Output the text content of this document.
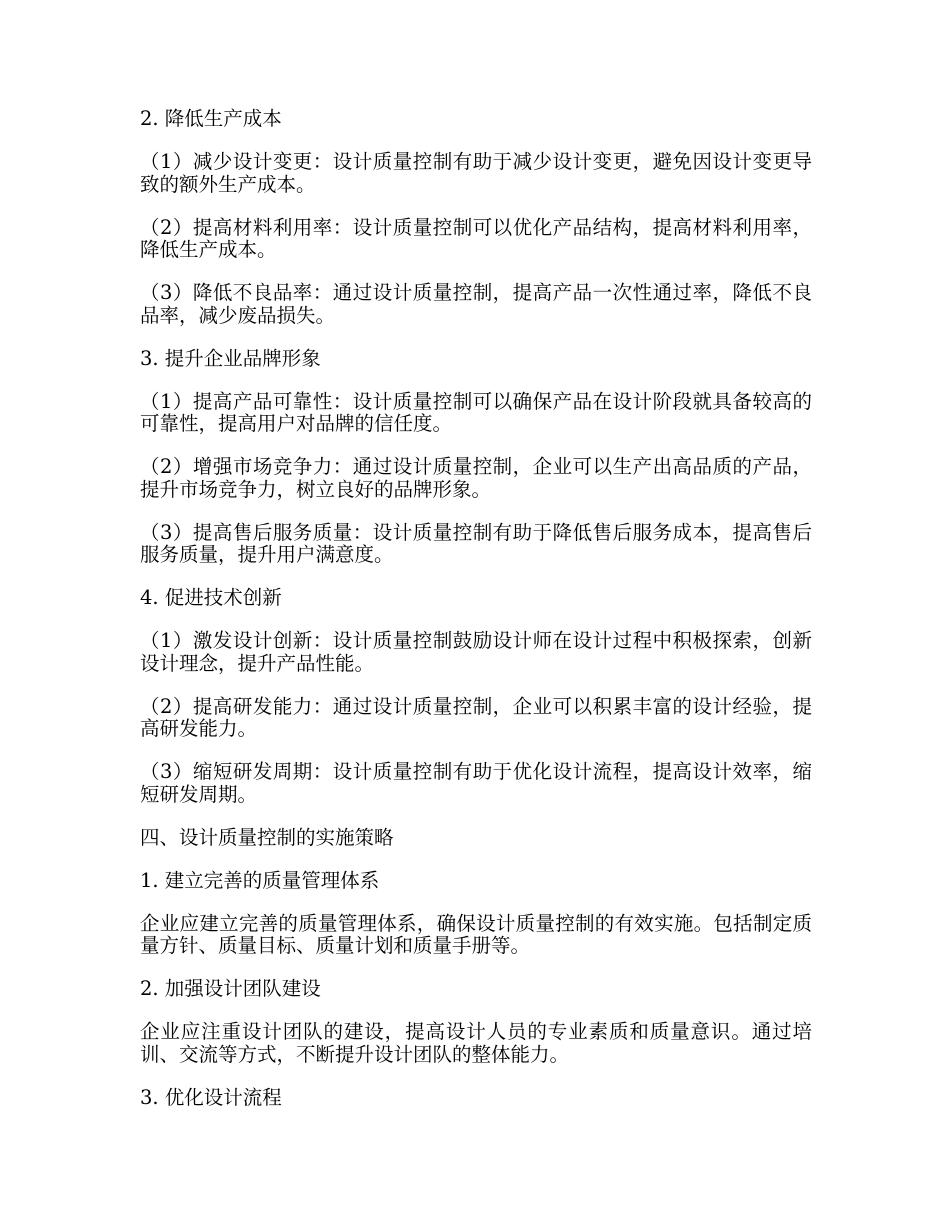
2. 降低生产成本

（1）减少设计变更：设计质量控制有助于减少设计变更，避免因设计变更导致的额外生产成本。

（2）提高材料利用率：设计质量控制可以优化产品结构，提高材料利用率，降低生产成本。

（3）降低不良品率：通过设计质量控制，提高产品一次性通过率，降低不良品率，减少废品损失。

3. 提升企业品牌形象

（1）提高产品可靠性：设计质量控制可以确保产品在设计阶段就具备较高的可靠性，提高用户对品牌的信任度。

（2）增强市场竞争力：通过设计质量控制，企业可以生产出高品质的产品，提升市场竞争力，树立良好的品牌形象。

（3）提高售后服务质量：设计质量控制有助于降低售后服务成本，提高售后服务质量，提升用户满意度。

4. 促进技术创新

（1）激发设计创新：设计质量控制鼓励设计师在设计过程中积极探索，创新设计理念，提升产品性能。

（2）提高研发能力：通过设计质量控制，企业可以积累丰富的设计经验，提高研发能力。

（3）缩短研发周期：设计质量控制有助于优化设计流程，提高设计效率，缩短研发周期。

四、设计质量控制的实施策略

1. 建立完善的质量管理体系

企业应建立完善的质量管理体系，确保设计质量控制的有效实施。包括制定质量方针、质量目标、质量计划和质量手册等。

2. 加强设计团队建设

企业应注重设计团队的建设，提高设计人员的专业素质和质量意识。通过培训、交流等方式，不断提升设计团队的整体能力。

3. 优化设计流程
